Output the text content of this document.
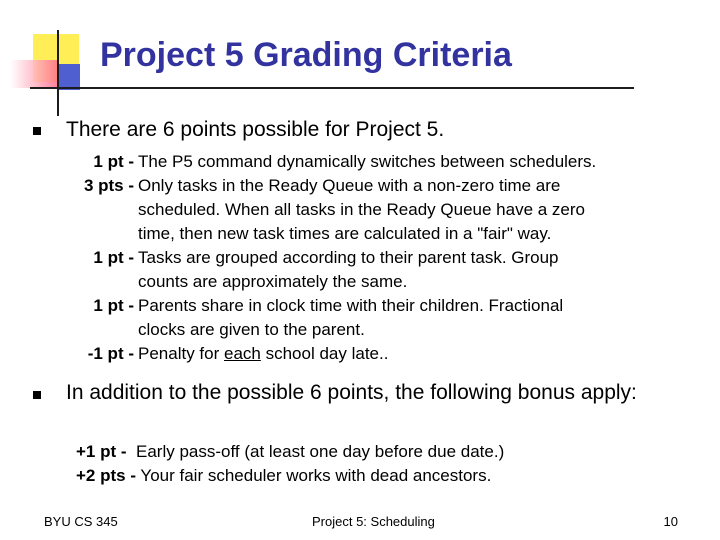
Project 5 Grading Criteria

There are 6 points possible for Project 5.

1 pt - The P5 command dynamically switches between schedulers.
3 pts - Only tasks in the Ready Queue with a non-zero time are
scheduled. When all tasks in the Ready Queue have a zero
time, then new task times are calculated in a "fair" way.
1 pt - Tasks are grouped according to their parent task. Group
counts are approximately the same.
1 pt - Parents share in clock time with their children. Fractional
clocks are given to the parent.
-1 pt - Penalty for each school day late..

In addition to the possible 6 points, the following bonus apply:

+1 pt -  Early pass-off (at least one day before due date.)
+2 pts - Your fair scheduler works with dead ancestors.
BYU CS 345	Project 5: Scheduling	10
